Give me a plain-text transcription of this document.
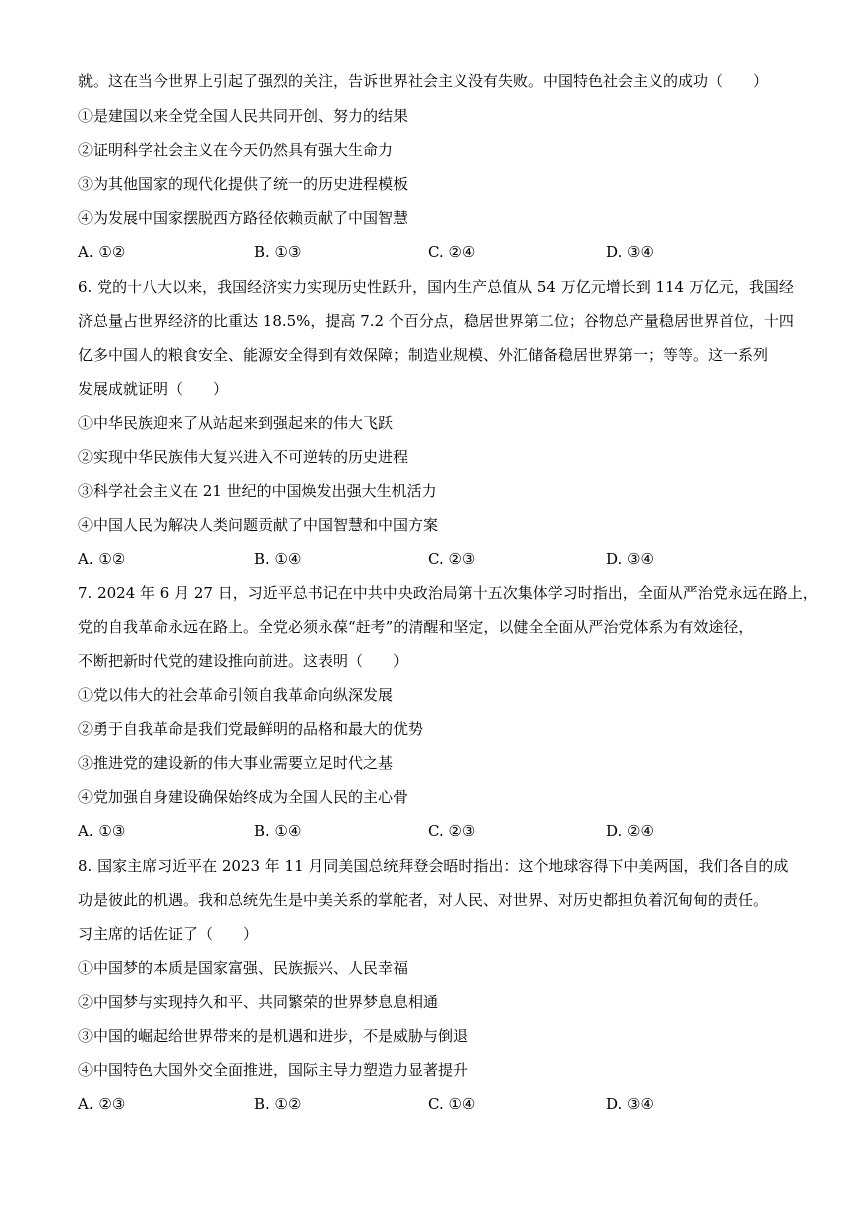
就。这在当今世界上引起了强烈的关注，告诉世界社会主义没有失败。中国特色社会主义的成功（　　）
①是建国以来全党全国人民共同开创、努力的结果
②证明科学社会主义在今天仍然具有强大生命力
③为其他国家的现代化提供了统一的历史进程模板
④为发展中国家摆脱西方路径依赖贡献了中国智慧
A. ①②	B. ①③	C. ②④	D. ③④
6. 党的十八大以来，我国经济实力实现历史性跃升，国内生产总值从 54 万亿元增长到 114 万亿元，我国经
济总量占世界经济的比重达 18.5%，提高 7.2 个百分点，稳居世界第二位；谷物总产量稳居世界首位，十四
亿多中国人的粮食安全、能源安全得到有效保障；制造业规模、外汇储备稳居世界第一；等等。这一系列
发展成就证明（　　）
①中华民族迎来了从站起来到强起来的伟大飞跃
②实现中华民族伟大复兴进入不可逆转的历史进程
③科学社会主义在 21 世纪的中国焕发出强大生机活力
④中国人民为解决人类问题贡献了中国智慧和中国方案
A. ①②	B. ①④	C. ②③	D. ③④
7. 2024 年 6 月 27 日，习近平总书记在中共中央政治局第十五次集体学习时指出，全面从严治党永远在路上，
党的自我革命永远在路上。全党必须永葆“赶考”的清醒和坚定，以健全全面从严治党体系为有效途径，
不断把新时代党的建设推向前进。这表明（　　）
①党以伟大的社会革命引领自我革命向纵深发展
②勇于自我革命是我们党最鲜明的品格和最大的优势
③推进党的建设新的伟大事业需要立足时代之基
④党加强自身建设确保始终成为全国人民的主心骨
A. ①③	B. ①④	C. ②③	D. ②④
8. 国家主席习近平在 2023 年 11 月同美国总统拜登会晤时指出：这个地球容得下中美两国，我们各自的成
功是彼此的机遇。我和总统先生是中美关系的掌舵者，对人民、对世界、对历史都担负着沉甸甸的责任。
习主席的话佐证了（　　）
①中国梦的本质是国家富强、民族振兴、人民幸福
②中国梦与实现持久和平、共同繁荣的世界梦息息相通
③中国的崛起给世界带来的是机遇和进步，不是威胁与倒退
④中国特色大国外交全面推进，国际主导力塑造力显著提升
A. ②③	B. ①②	C. ①④	D. ③④
